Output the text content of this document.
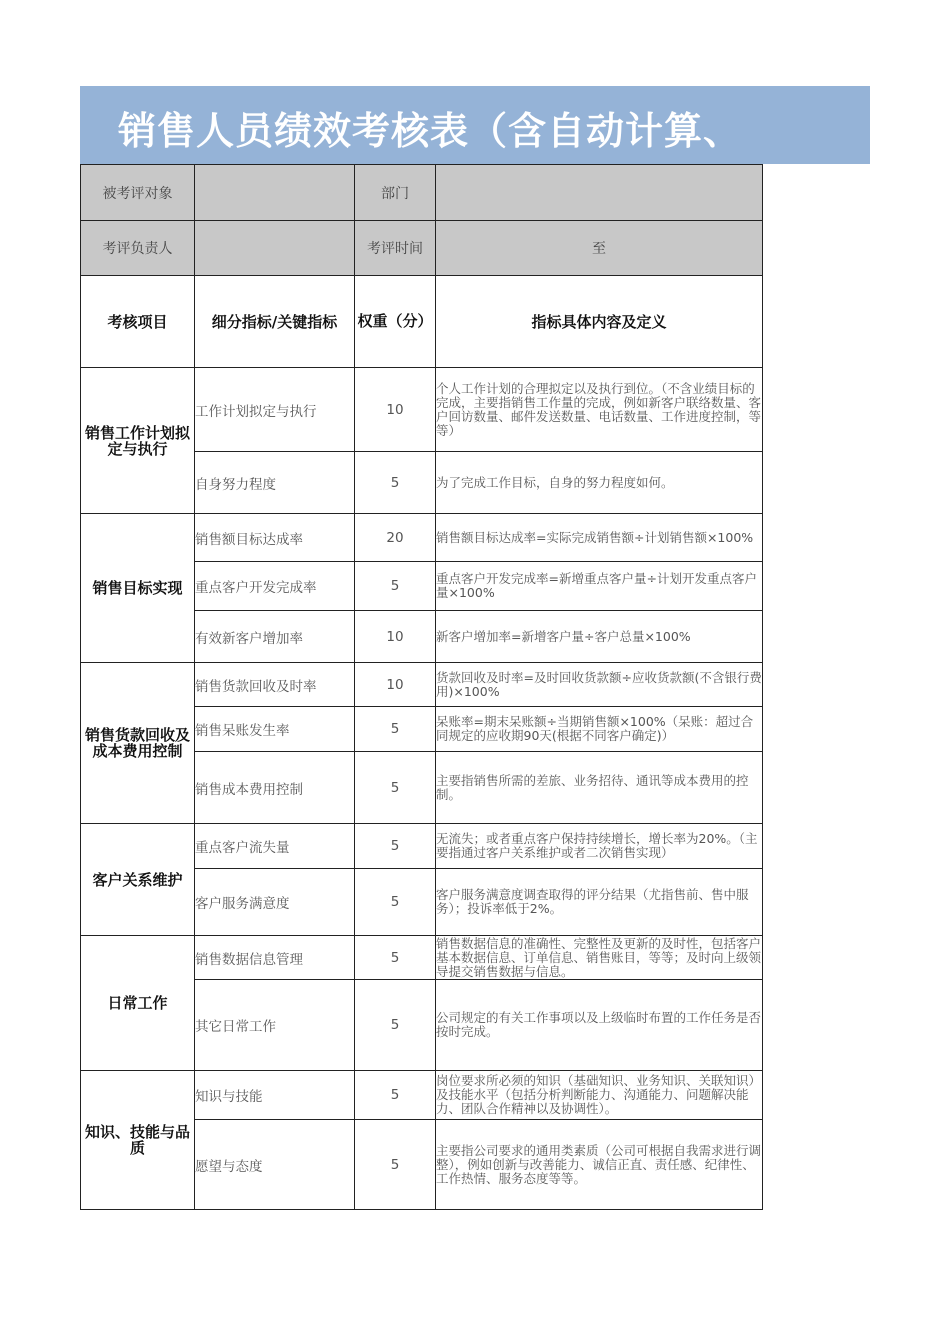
销售人员绩效考核表（含自动计算、
被考评对象		部门	
考评负责人		考评时间	至
考核项目	细分指标/关键指标	权重（分）	指标具体内容及定义
销售工作计划拟定与执行	工作计划拟定与执行	10	个人工作计划的合理拟定以及执行到位。（不含业绩目标的完成，主要指销售工作量的完成，例如新客户联络数量、客户回访数量、邮件发送数量、电话数量、工作进度控制，等等）
	自身努力程度	5	为了完成工作目标，自身的努力程度如何。
销售目标实现	销售额目标达成率	20	销售额目标达成率=实际完成销售额÷计划销售额×100%
	重点客户开发完成率	5	重点客户开发完成率=新增重点客户量÷计划开发重点客户量×100%
	有效新客户增加率	10	新客户增加率=新增客户量÷客户总量×100%
销售货款回收及成本费用控制	销售货款回收及时率	10	货款回收及时率=及时回收货款额÷应收货款额(不含银行费用)×100%
	销售呆账发生率	5	呆账率=期末呆账额÷当期销售额×100%（呆账：超过合同规定的应收期90天(根据不同客户确定)）
	销售成本费用控制	5	主要指销售所需的差旅、业务招待、通讯等成本费用的控制。
客户关系维护	重点客户流失量	5	无流失；或者重点客户保持持续增长，增长率为20%。（主要指通过客户关系维护或者二次销售实现）
	客户服务满意度	5	客户服务满意度调查取得的评分结果（尤指售前、售中服务）；投诉率低于2%。
日常工作	销售数据信息管理	5	销售数据信息的准确性、完整性及更新的及时性，包括客户基本数据信息、订单信息、销售账目，等等；及时向上级领导提交销售数据与信息。
	其它日常工作	5	公司规定的有关工作事项以及上级临时布置的工作任务是否按时完成。
知识、技能与品质	知识与技能	5	岗位要求所必须的知识（基础知识、业务知识、关联知识）及技能水平（包括分析判断能力、沟通能力、问题解决能力、团队合作精神以及协调性）。
	愿望与态度	5	主要指公司要求的通用类素质（公司可根据自我需求进行调整），例如创新与改善能力、诚信正直、责任感、纪律性、工作热情、服务态度等等。
